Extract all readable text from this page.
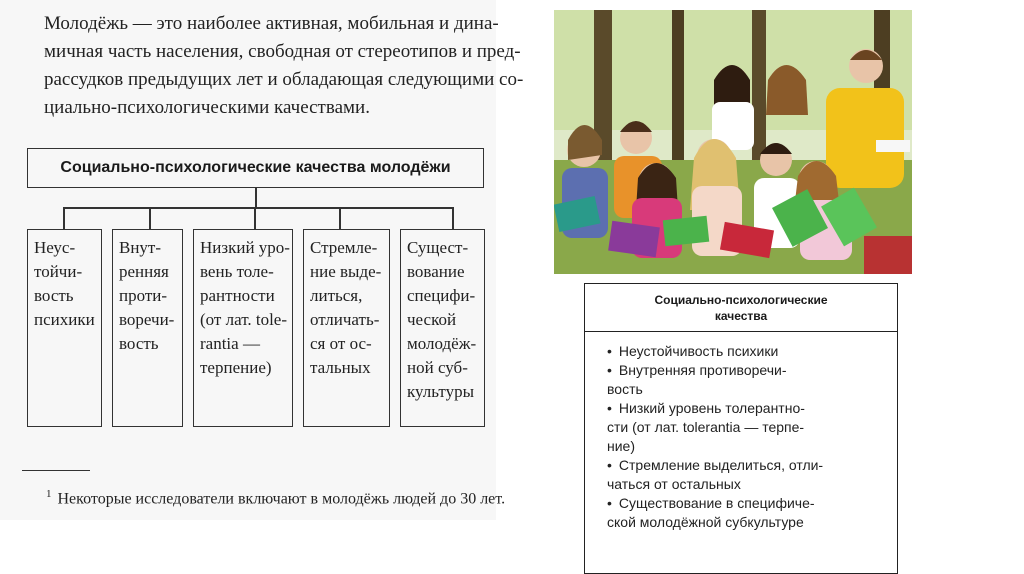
Молодёжь — это наиболее активная, мобильная и дина-
мичная часть населения, свободная от стереотипов и пред-
рассудков предыдущих лет и обладающая следующими со-
циально-психологическими качествами.
Социально-психологические качества молодёжи
Неус-
тойчи-
вость
психики
Внут-
ренняя
проти-
воречи-
вость
Низкий уро-
вень толе-
рантности
(от лат. tole-
rantia —
терпение)
Стремле-
ние выде-
литься,
отличать-
ся от ос-
тальных
Сущест-
вование
специфи-
ческой
молодёж-
ной суб-
культуры
$^1$ Некоторые исследователи включают в молодёжь людей до 30 лет.
Социально-психологические
качества
• Неустойчивость психики
• Внутренняя противоречи-
вость
• Низкий уровень толерантно-
сти (от лат. tolerantia — терпе-
ние)
• Стремление выделиться, отли-
чаться от остальных
• Существование в специфиче-
ской молодёжной субкультуре
